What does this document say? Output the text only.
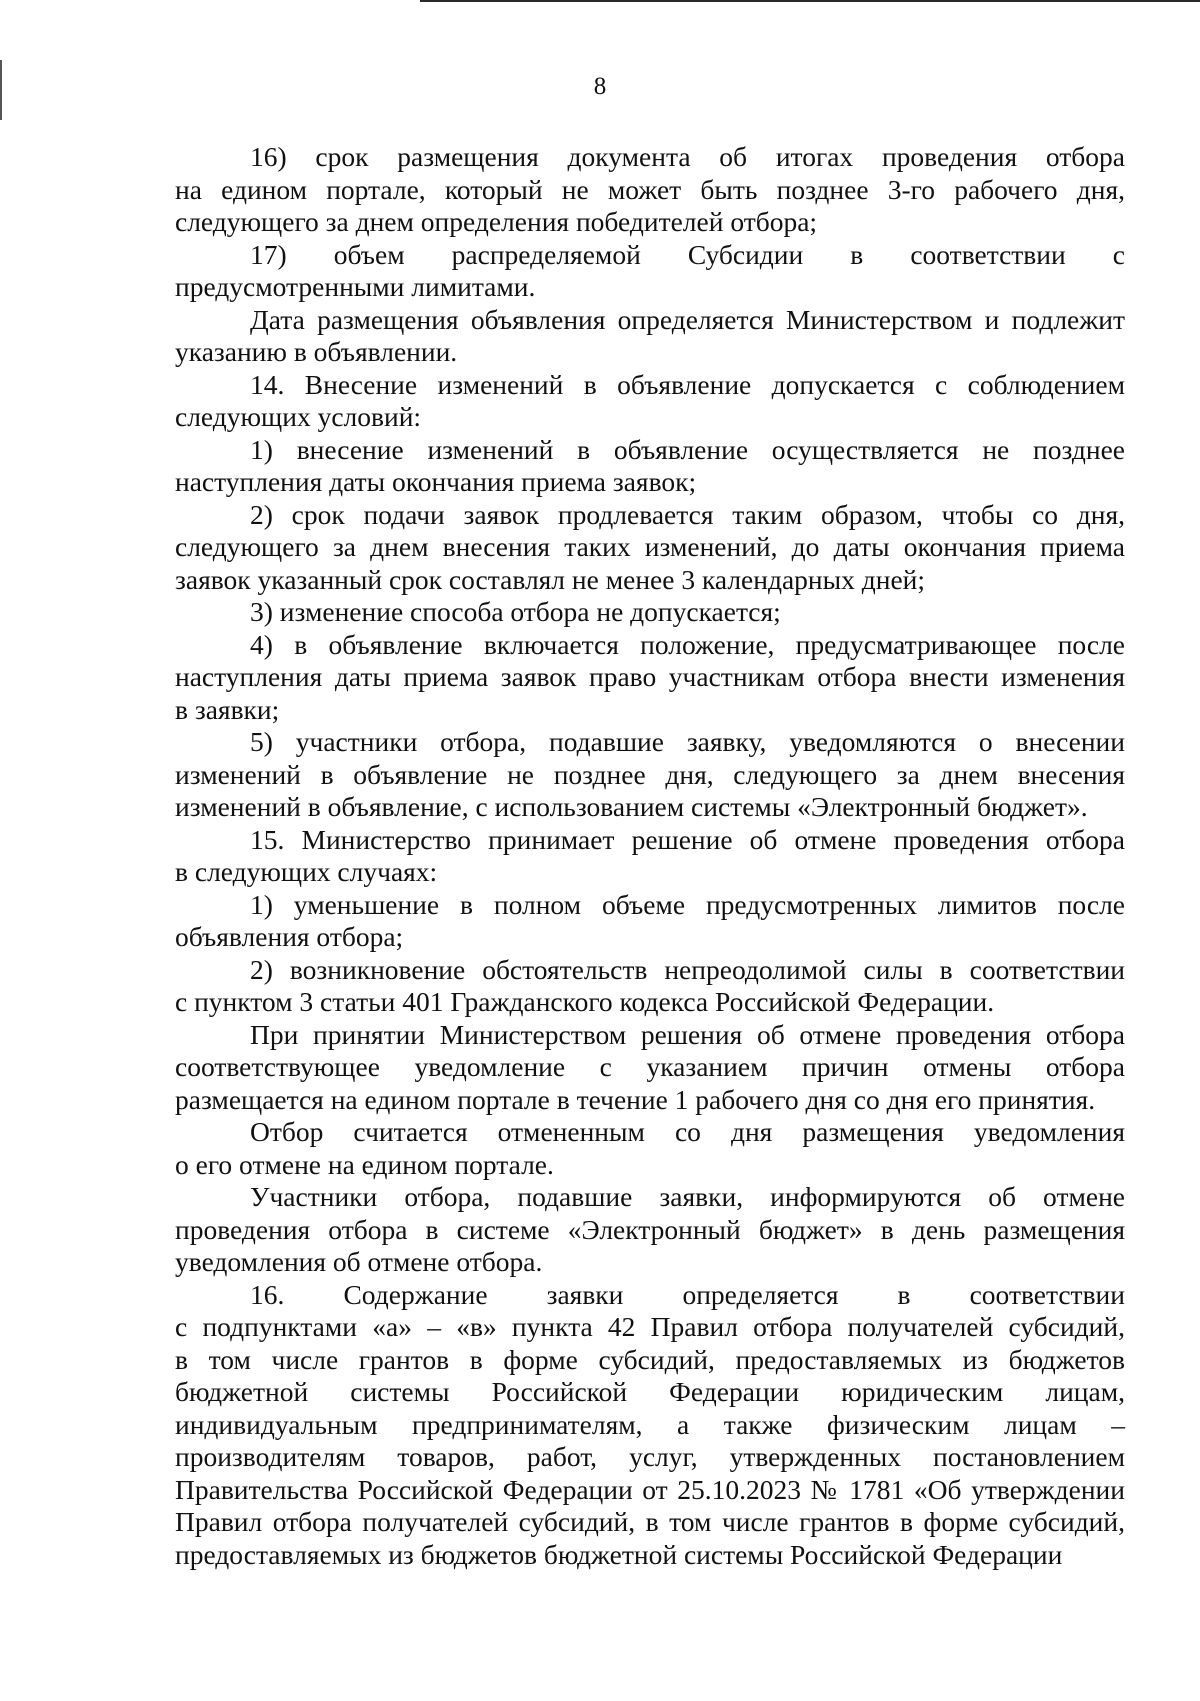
8
16) срок размещения документа об итогах проведения отбора
на едином портале, который не может быть позднее 3-го рабочего дня,
следующего за днем определения победителей отбора;
17) объем распределяемой Субсидии в соответствии с
предусмотренными лимитами.
Дата размещения объявления определяется Министерством и подлежит
указанию в объявлении.
14. Внесение изменений в объявление допускается с соблюдением
следующих условий:
1) внесение изменений в объявление осуществляется не позднее
наступления даты окончания приема заявок;
2) срок подачи заявок продлевается таким образом, чтобы со дня,
следующего за днем внесения таких изменений, до даты окончания приема
заявок указанный срок составлял не менее 3 календарных дней;
3) изменение способа отбора не допускается;
4) в объявление включается положение, предусматривающее после
наступления даты приема заявок право участникам отбора внести изменения
в заявки;
5) участники отбора, подавшие заявку, уведомляются о внесении
изменений в объявление не позднее дня, следующего за днем внесения
изменений в объявление, с использованием системы «Электронный бюджет».
15. Министерство принимает решение об отмене проведения отбора
в следующих случаях:
1) уменьшение в полном объеме предусмотренных лимитов после
объявления отбора;
2) возникновение обстоятельств непреодолимой силы в соответствии
с пунктом 3 статьи 401 Гражданского кодекса Российской Федерации.
При принятии Министерством решения об отмене проведения отбора
соответствующее уведомление с указанием причин отмены отбора
размещается на едином портале в течение 1 рабочего дня со дня его принятия.
Отбор считается отмененным со дня размещения уведомления
о его отмене на едином портале.
Участники отбора, подавшие заявки, информируются об отмене
проведения отбора в системе «Электронный бюджет» в день размещения
уведомления об отмене отбора.
16. Содержание заявки определяется в соответствии
с подпунктами «а» – «в» пункта 42 Правил отбора получателей субсидий,
в том числе грантов в форме субсидий, предоставляемых из бюджетов
бюджетной системы Российской Федерации юридическим лицам,
индивидуальным предпринимателям, а также физическим лицам –
производителям товаров, работ, услуг, утвержденных постановлением
Правительства Российской Федерации от 25.10.2023 № 1781 «Об утверждении
Правил отбора получателей субсидий, в том числе грантов в форме субсидий,
предоставляемых из бюджетов бюджетной системы Российской Федерации
